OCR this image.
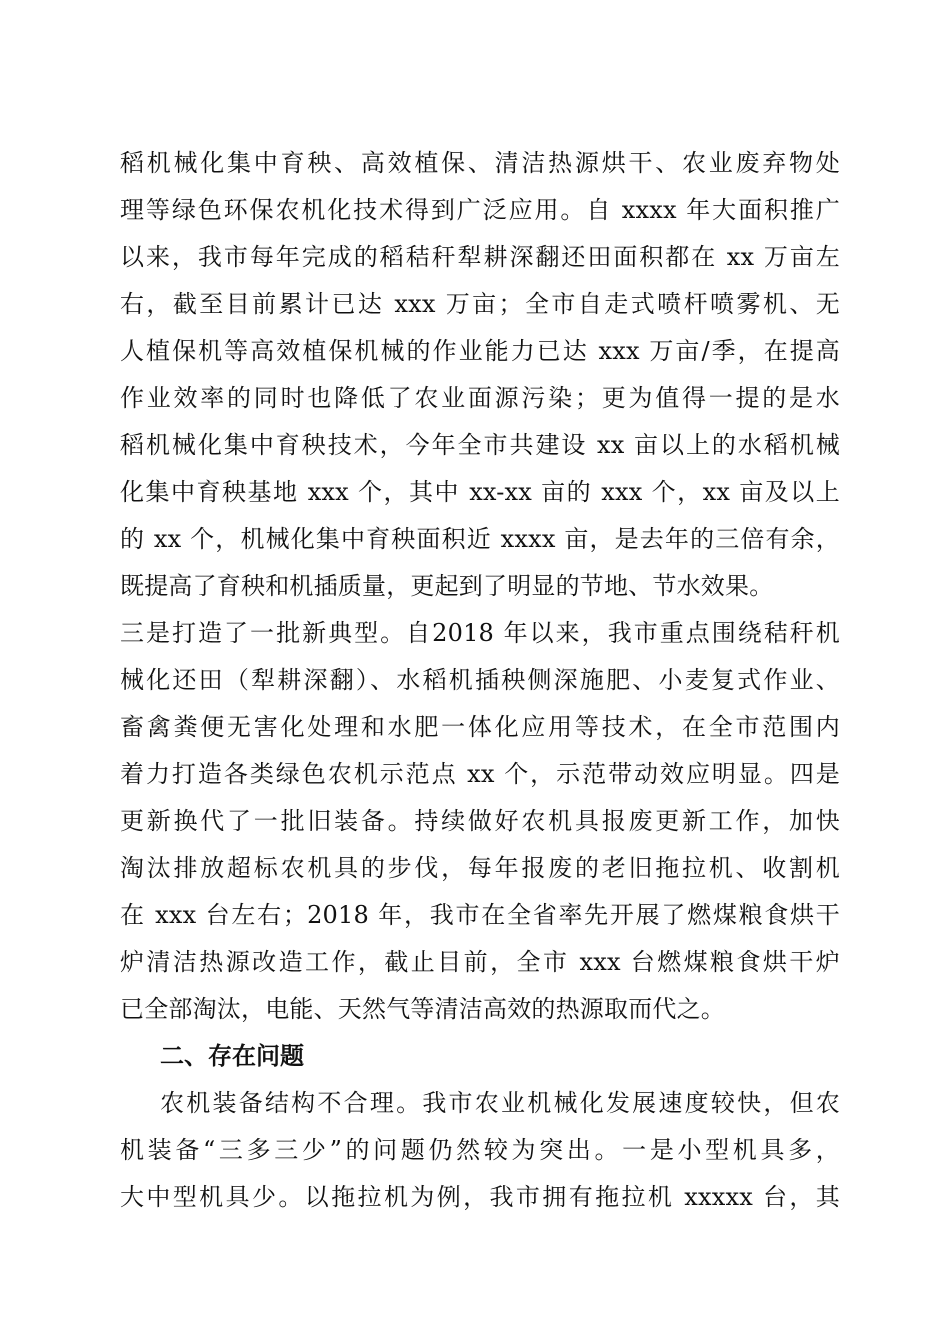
稻机械化集中育秧、高效植保、清洁热源烘干、农业废弃物处
理等绿色环保农机化技术得到广泛应用。自 xxxx 年大面积推广
以来，我市每年完成的稻秸秆犁耕深翻还田面积都在 xx 万亩左
右，截至目前累计已达 xxx 万亩；全市自走式喷杆喷雾机、无
人植保机等高效植保机械的作业能力已达 xxx 万亩/季，在提高
作业效率的同时也降低了农业面源污染；更为值得一提的是水
稻机械化集中育秧技术，今年全市共建设 xx 亩以上的水稻机械
化集中育秧基地 xxx 个，其中 xx-xx 亩的 xxx 个，xx 亩及以上
的 xx 个，机械化集中育秧面积近 xxxx 亩，是去年的三倍有余，
既提高了育秧和机插质量，更起到了明显的节地、节水效果。
三是打造了一批新典型。自2018 年以来，我市重点围绕秸秆机
械化还田（犁耕深翻）、水稻机插秧侧深施肥、小麦复式作业、
畜禽粪便无害化处理和水肥一体化应用等技术，在全市范围内
着力打造各类绿色农机示范点 xx 个，示范带动效应明显。四是
更新换代了一批旧装备。持续做好农机具报废更新工作，加快
淘汰排放超标农机具的步伐，每年报废的老旧拖拉机、收割机
在 xxx 台左右；2018 年，我市在全省率先开展了燃煤粮食烘干
炉清洁热源改造工作，截止目前，全市 xxx 台燃煤粮食烘干炉
已全部淘汰，电能、天然气等清洁高效的热源取而代之。
二、存在问题
农机装备结构不合理。我市农业机械化发展速度较快，但农
机装备“三多三少”的问题仍然较为突出。一是小型机具多，
大中型机具少。以拖拉机为例，我市拥有拖拉机 xxxxx 台，其
